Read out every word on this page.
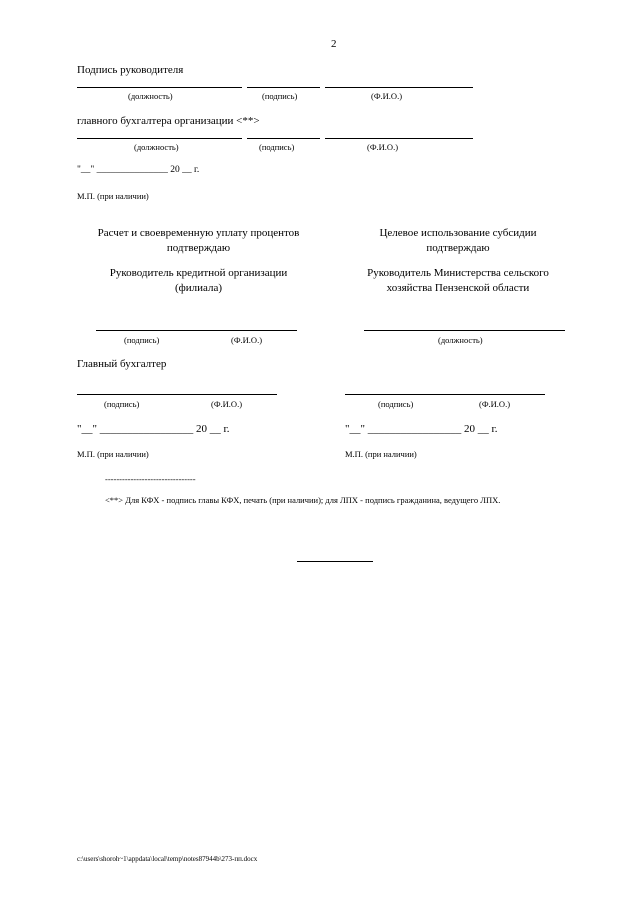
2
Подпись руководителя
(должность)	(подпись)	(Ф.И.О.)
главного бухгалтера организации <**>
(должность)	(подпись)	(Ф.И.О.)
"__" _______________ 20 __ г.
М.П. (при наличии)
Расчет и своевременную уплату процентов подтверждаю
Руководитель кредитной организации (филиала)
(подпись)	(Ф.И.О.)
Целевое использование субсидии подтверждаю
Руководитель Министерства сельского хозяйства Пензенской области
(должность)
Главный бухгалтер
(подпись)	(Ф.И.О.)	(подпись)	(Ф.И.О.)
"__" _________________ 20 __ г.	"__" _________________ 20 __ г.
М.П. (при наличии)	М.П. (при наличии)
--------------------------------
<**> Для КФХ - подпись главы КФХ, печать (при наличии); для ЛПХ - подпись гражданина, ведущего ЛПХ.
c:\users\shoroh~1\appdata\local\temp\notes87944b\273-пп.docx
